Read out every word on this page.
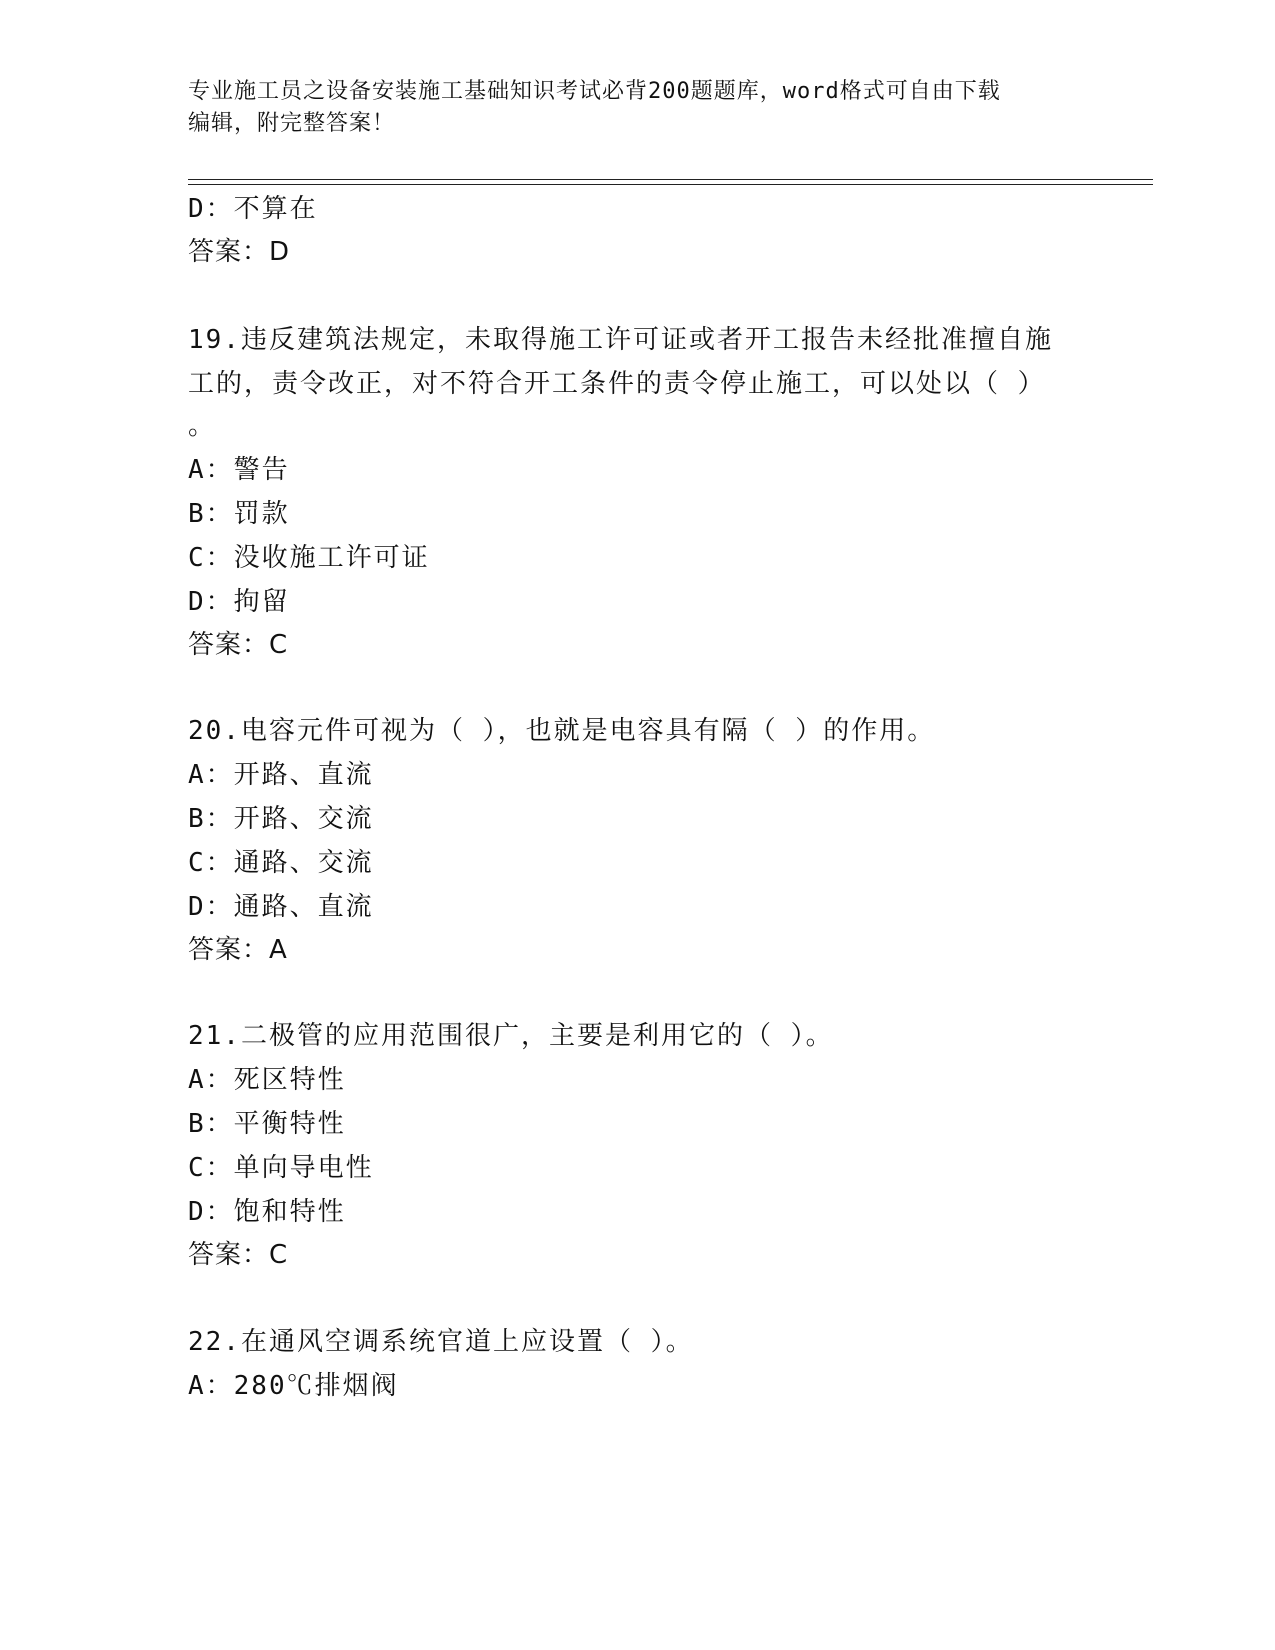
专业施工员之设备安装施工基础知识考试必背200题题库，word格式可自由下载
编辑，附完整答案！
D：不算在
答案：D
19.违反建筑法规定，未取得施工许可证或者开工报告未经批准擅自施
工的，责令改正，对不符合开工条件的责令停止施工，可以处以（ ）
。
A：警告
B：罚款
C：没收施工许可证
D：拘留
答案：C
20.电容元件可视为（ ），也就是电容具有隔（ ）的作用。
A：开路、直流
B：开路、交流
C：通路、交流
D：通路、直流
答案：A
21.二极管的应用范围很广，主要是利用它的（ ）。
A：死区特性
B：平衡特性
C：单向导电性
D：饱和特性
答案：C
22.在通风空调系统官道上应设置（ ）。
A：280℃排烟阀
